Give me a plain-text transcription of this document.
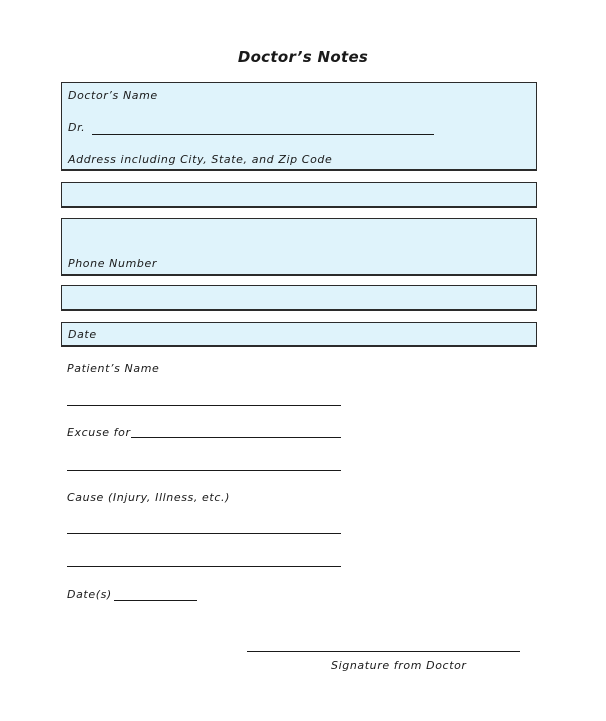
Doctor’s Notes
Doctor’s Name
Dr.
Address including City, State, and Zip Code
Phone Number
Date
Patient’s Name
Excuse for
Cause (Injury, Illness, etc.)
Date(s)
Signature from Doctor
